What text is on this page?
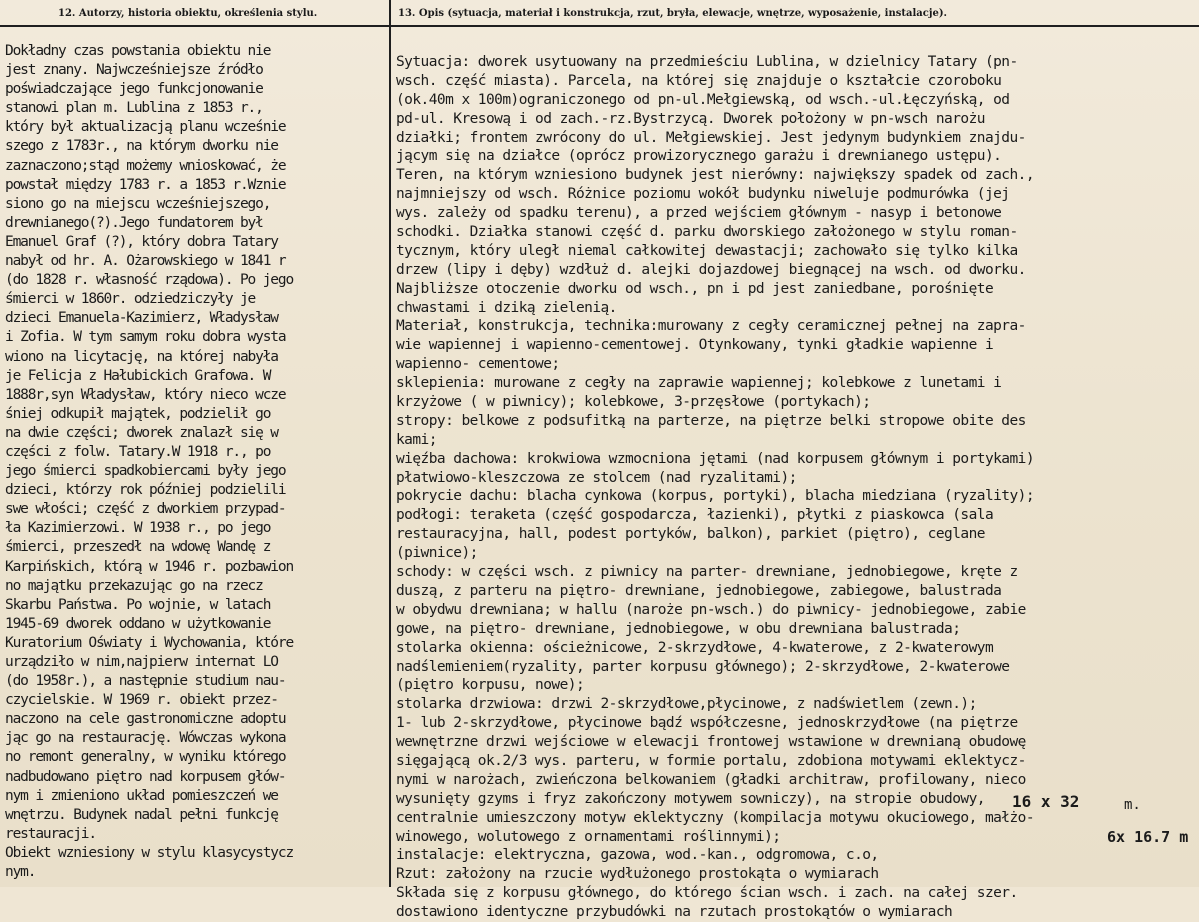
12. Autorzy, historia obiektu, określenia stylu.	13. Opis (sytuacja, materiał i konstrukcja, rzut, bryła, elewacje, wnętrze, wyposażenie, instalacje).
Dokładny czas powstania obiektu nie
jest znany. Najwcześniejsze źródło
poświadczające jego funkcjonowanie
stanowi plan m. Lublina z 1853 r.,
który był aktualizacją planu wcześnie
szego z 1783r., na którym dworku nie
zaznaczono;stąd możemy wnioskować, że
powstał między 1783 r. a 1853 r.Wznie
siono go na miejscu wcześniejszego,
drewnianego(?).Jego fundatorem był
Emanuel Graf (?), który dobra Tatary
nabył od hr. A. Ożarowskiego w 1841 r
(do 1828 r. własność rządowa). Po jego
śmierci w 1860r. odziedziczyły je
dzieci Emanuela-Kazimierz, Władysław
i Zofia. W tym samym roku dobra wysta
wiono na licytację, na której nabyła
je Felicja z Hałubickich Grafowa. W
1888r,syn Władysław, który nieco wcze
śniej odkupił majątek, podzielił go
na dwie części; dworek znalazł się w
części z folw. Tatary.W 1918 r., po
jego śmierci spadkobiercami były jego
dzieci, którzy rok później podzielili
swe włości; część z dworkiem przypad-
ła Kazimierzowi. W 1938 r., po jego
śmierci, przeszedł na wdowę Wandę z
Karpińskich, którą w 1946 r. pozbawion
no majątku przekazując go na rzecz
Skarbu Państwa. Po wojnie, w latach
1945-69 dworek oddano w użytkowanie
Kuratorium Oświaty i Wychowania, które
urządziło w nim,najpierw internat LO
(do 1958r.), a następnie studium nau-
czycielskie. W 1969 r. obiekt przez-
naczono na cele gastronomiczne adoptu
jąc go na restaurację. Wówczas wykona
no remont generalny, w wyniku którego
nadbudowano piętro nad korpusem głów-
nym i zmieniono układ pomieszczeń we
wnętrzu. Budynek nadal pełni funkcję
restauracji.
Obiekt wzniesiony w stylu klasycystycz
nym.
Sytuacja: dworek usytuowany na przedmieściu Lublina, w dzielnicy Tatary (pn-
wsch. część miasta). Parcela, na której się znajduje o kształcie czoroboku
(ok.40m x 100m)ograniczonego od pn-ul.Mełgiewską, od wsch.-ul.Łęczyńską, od
pd-ul. Kresową i od zach.-rz.Bystrzycą. Dworek położony w pn-wsch narożu
działki; frontem zwrócony do ul. Mełgiewskiej. Jest jedynym budynkiem znajdu-
jącym się na działce (oprócz prowizorycznego garażu i drewnianego ustępu).
Teren, na którym wzniesiono budynek jest nierówny: największy spadek od zach.,
najmniejszy od wsch. Różnice poziomu wokół budynku niweluje podmurówka (jej
wys. zależy od spadku terenu), a przed wejściem głównym - nasyp i betonowe
schodki. Działka stanowi część d. parku dworskiego założonego w stylu roman-
tycznym, który uległ niemal całkowitej dewastacji; zachowało się tylko kilka
drzew (lipy i dęby) wzdłuż d. alejki dojazdowej biegnącej na wsch. od dworku.
Najbliższe otoczenie dworku od wsch., pn i pd jest zaniedbane, porośnięte
chwastami i dziką zielenią.
Materiał, konstrukcja, technika:murowany z cegły ceramicznej pełnej na zapra-
wie wapiennej i wapienno-cementowej. Otynkowany, tynki gładkie wapienne i
wapienno- cementowe;
sklepienia: murowane z cegły na zaprawie wapiennej; kolebkowe z lunetami i
krzyżowe ( w piwnicy); kolebkowe, 3-przęsłowe (portykach);
stropy: belkowe z podsufitką na parterze, na piętrze belki stropowe obite des
kami;
więźba dachowa: krokwiowa wzmocniona jętami (nad korpusem głównym i portykami)
płatwiowo-kleszczowa ze stolcem (nad ryzalitami);
pokrycie dachu: blacha cynkowa (korpus, portyki), blacha miedziana (ryzality);
podłogi: teraketa (część gospodarcza, łazienki), płytki z piaskowca (sala
restauracyjna, hall, podest portyków, balkon), parkiet (piętro), ceglane
(piwnice);
schody: w części wsch. z piwnicy na parter- drewniane, jednobiegowe, kręte z
duszą, z parteru na piętro- drewniane, jednobiegowe, zabiegowe, balustrada
w obydwu drewniana; w hallu (naroże pn-wsch.) do piwnicy- jednobiegowe, zabie
gowe, na piętro- drewniane, jednobiegowe, w obu drewniana balustrada;
stolarka okienna: ościeżnicowe, 2-skrzydłowe, 4-kwaterowe, z 2-kwaterowym
nadślemieniem(ryzality, parter korpusu głównego); 2-skrzydłowe, 2-kwaterowe
(piętro korpusu, nowe);
stolarka drzwiowa: drzwi 2-skrzydłowe,płycinowe, z nadświetlem (zewn.);
1- lub 2-skrzydłowe, płycinowe bądź współczesne, jednoskrzydłowe (na piętrze
wewnętrzne drzwi wejściowe w elewacji frontowej wstawione w drewnianą obudowę
sięgającą ok.2/3 wys. parteru, w formie portalu, zdobiona motywami eklektycz-
nymi w narożach, zwieńczona belkowaniem (gładki architraw, profilowany, nieco
wysunięty gzyms i fryz zakończony motywem sowniczy), na stropie obudowy,
centralnie umieszczony motyw eklektyczny (kompilacja motywu okuciowego, małżo-
winowego, wolutowego z ornamentami roślinnymi);
instalacje: elektryczna, gazowa, wod.-kan., odgromowa, c.o,
Rzut: założony na rzucie wydłużonego prostokąta o wymiarach
Składa się z korpusu głównego, do którego ścian wsch. i zach. na całej szer.
dostawiono identyczne przybudówki na rzutach prostokątów o wymiarach
16 x 32	m.
6x 16.7 m
